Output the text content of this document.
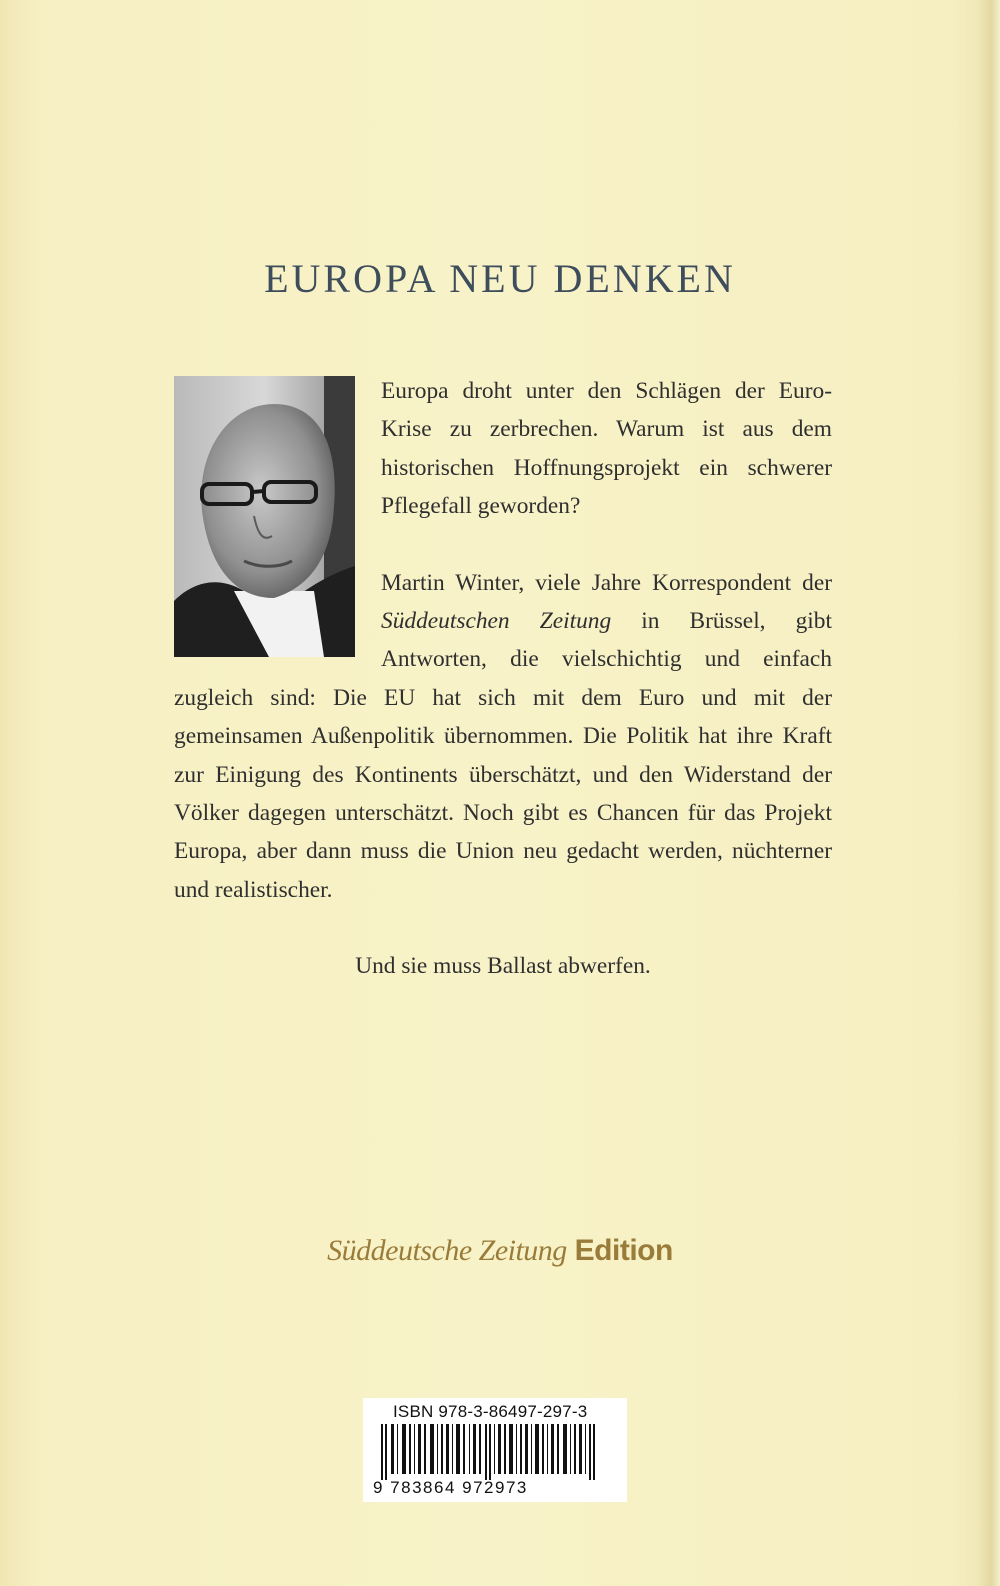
EUROPA NEU DENKEN

Europa droht unter den Schlägen der Euro-Krise zu zerbrechen. Warum ist aus dem historischen Hoffnungsprojekt ein schwerer Pflegefall geworden?

Martin Winter, viele Jahre Korrespondent der Süddeutschen Zeitung in Brüssel, gibt Antworten, die vielschichtig und einfach zugleich sind: Die EU hat sich mit dem Euro und mit der gemeinsamen Außenpolitik übernommen. Die Politik hat ihre Kraft zur Einigung des Kontinents überschätzt, und den Widerstand der Völker dagegen unterschätzt. Noch gibt es Chancen für das Projekt Europa, aber dann muss die Union neu gedacht werden, nüchterner und realistischer.

Und sie muss Ballast abwerfen.

Süddeutsche Zeitung Edition
ISBN 978-3-86497-297-3
9 783864 972973
